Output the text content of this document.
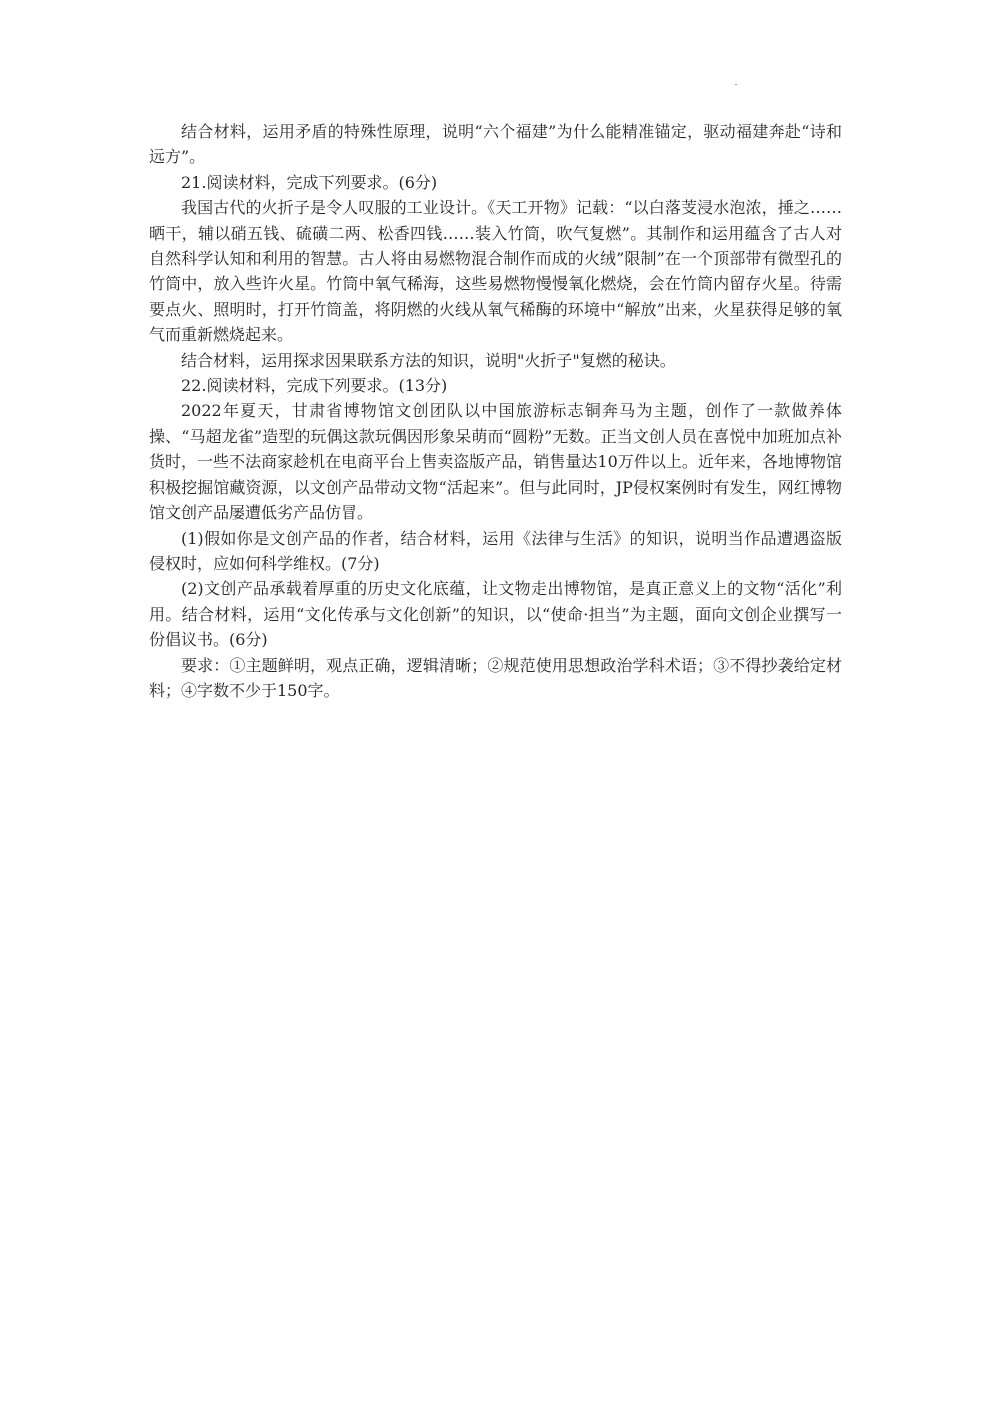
结合材料，运用矛盾的特殊性原理，说明“六个福建”为什么能精准锚定，驱动福建奔赴“诗和远方”。

21.阅读材料，完成下列要求。(6分)

我国古代的火折子是令人叹服的工业设计。《天工开物》记载：“以白落芰浸水泡浓，捶之……晒干，辅以硝五钱、硫磺二两、松香四钱……装入竹筒，吹气复燃”。其制作和运用蕴含了古人对自然科学认知和利用的智慧。古人将由易燃物混合制作而成的火绒”限制”在一个顶部带有微型孔的竹筒中，放入些许火星。竹筒中氧气稀海，这些易燃物慢慢氧化燃烧，会在竹筒内留存火星。待需要点火、照明时，打开竹筒盖，将阴燃的火线从氧气稀酶的环境中“解放”出来，火星获得足够的氧气而重新燃烧起来。

结合材料，运用探求因果联系方法的知识，说明"火折子"复燃的秘诀。

22.阅读材料，完成下列要求。(13分)

2022年夏天，甘肃省博物馆文创团队以中国旅游标志铜奔马为主题，创作了一款做养体操、“马超龙雀”造型的玩偶这款玩偶因形象呆萌而“圆粉”无数。正当文创人员在喜悦中加班加点补货时，一些不法商家趁机在电商平台上售卖盗版产品，销售量达10万件以上。近年来，各地博物馆积极挖掘馆藏资源，以文创产品带动文物“活起来”。但与此同时，JP侵权案例时有发生，网红博物馆文创产品屡遭低劣产品仿冒。

(1)假如你是文创产品的作者，结合材料，运用《法律与生活》的知识，说明当作品遭遇盗版侵权时，应如何科学维权。(7分)

(2)文创产品承载着厚重的历史文化底蕴，让文物走出博物馆，是真正意义上的文物“活化”利用。结合材料，运用“文化传承与文化创新”的知识，以“使命·担当”为主题，面向文创企业撰写一份倡议书。(6分)

要求：①主题鲜明，观点正确，逻辑清晰；②规范使用思想政治学科术语；③不得抄袭给定材料；④字数不少于150字。
